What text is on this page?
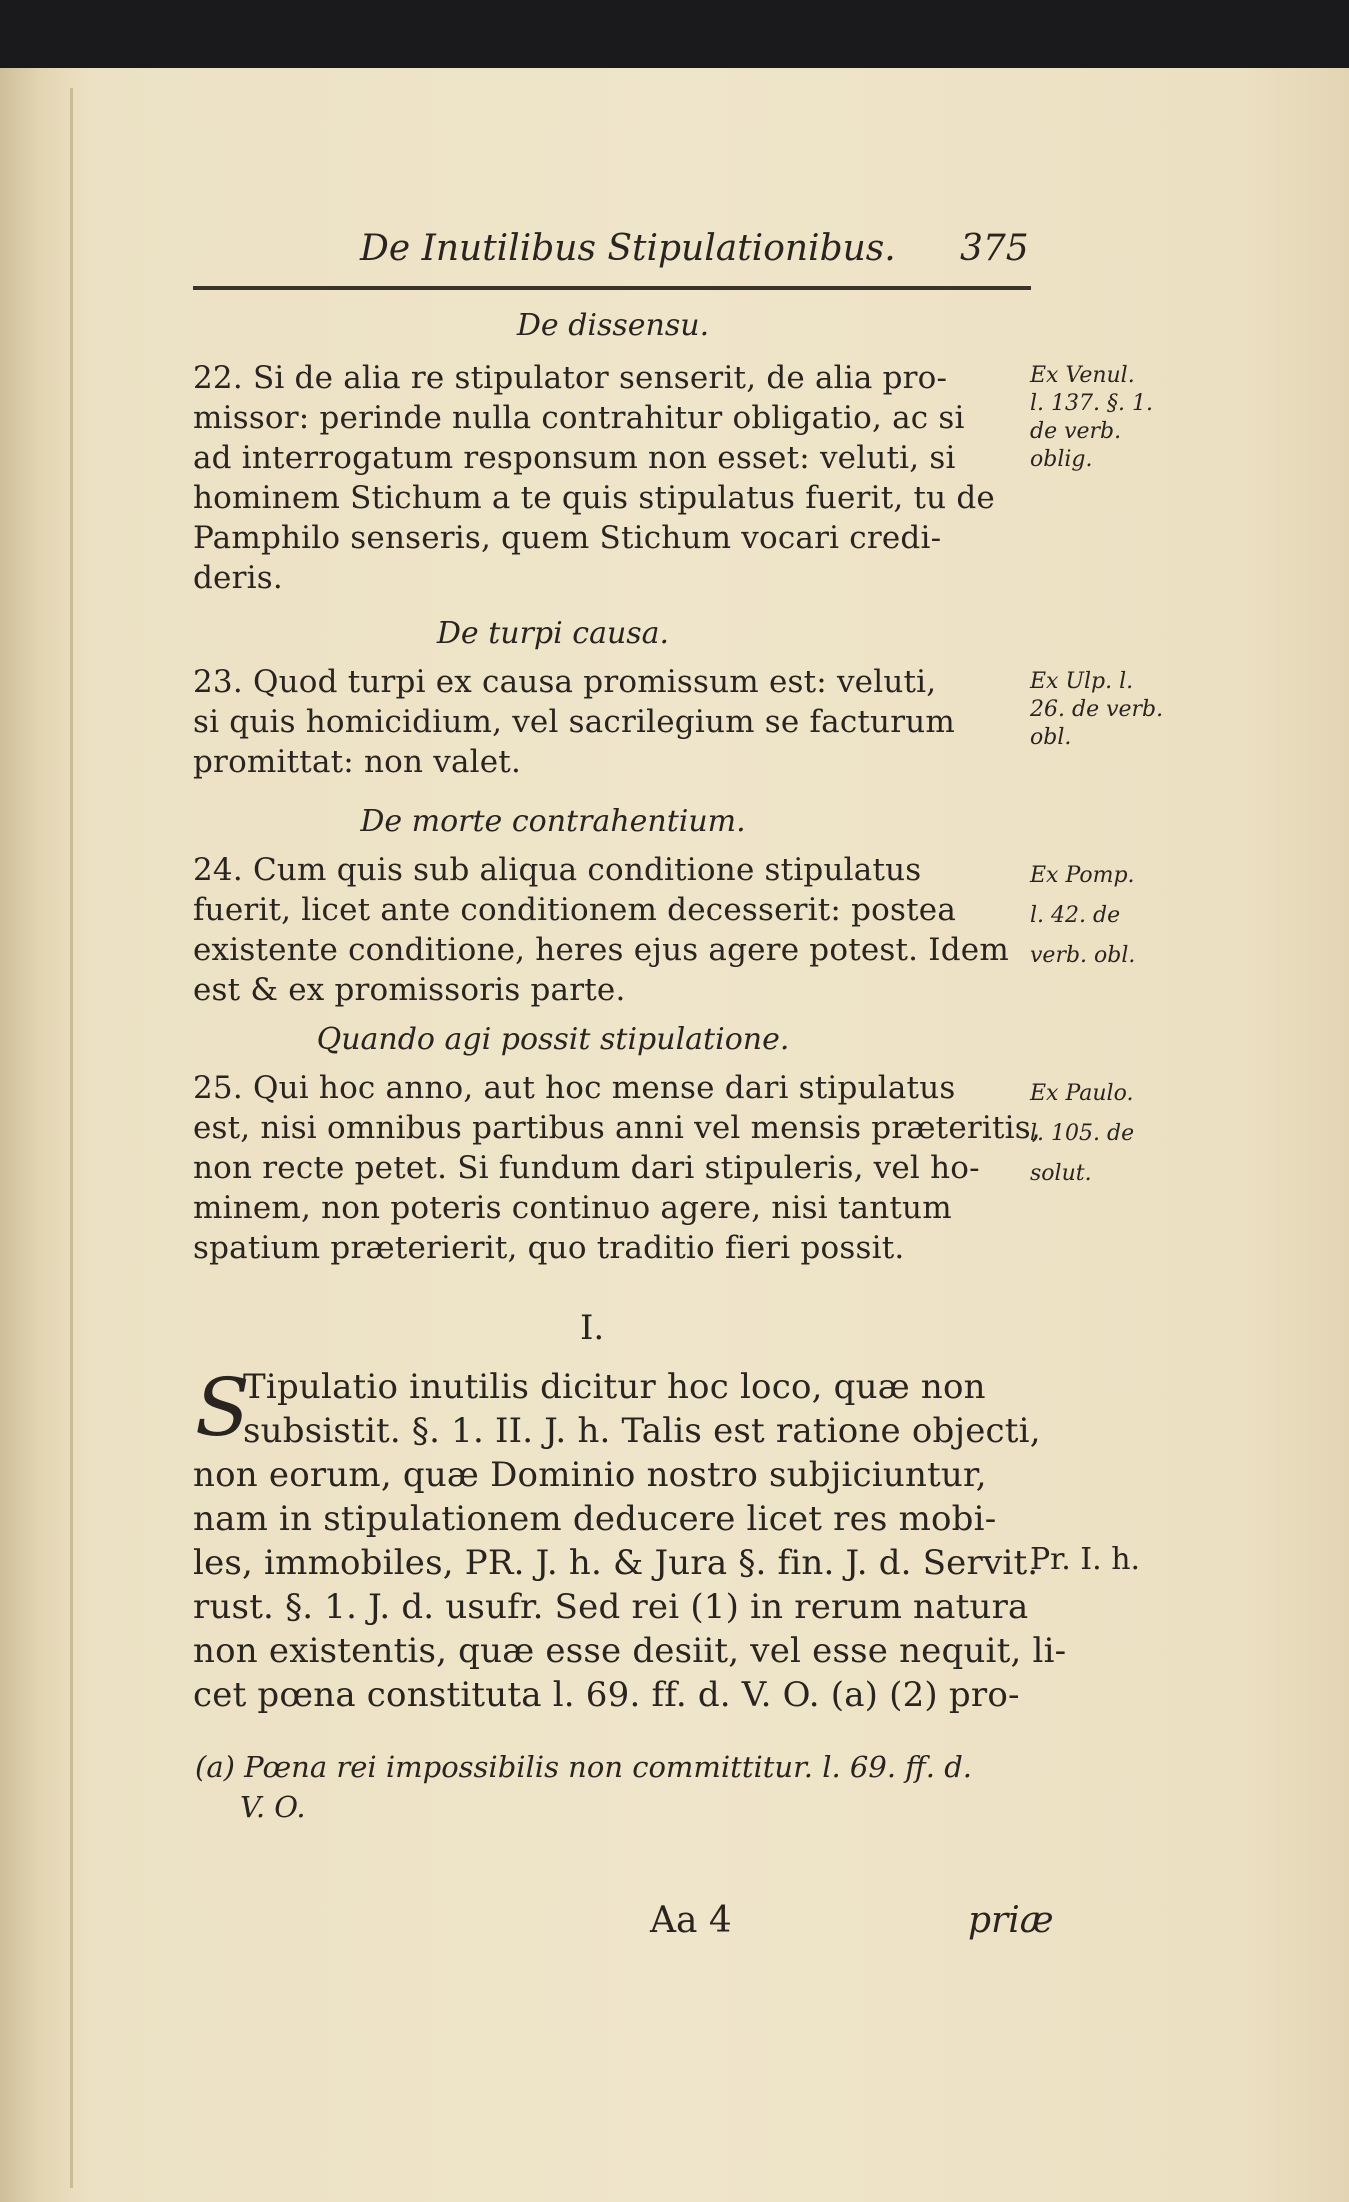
De Inutilibus Stipulationibus. 375
De dissensu.
22. Si de alia re stipulator senserit, de alia pro-
missor: perinde nulla contrahitur obligatio, ac si
ad interrogatum responsum non esset: veluti, si
hominem Stichum a te quis stipulatus fuerit, tu de
Pamphilo senseris, quem Stichum vocari credi-
deris.
Ex Venul.
l. 137. §. 1.
de verb.
oblig.
De turpi causa.
23. Quod turpi ex causa promissum est: veluti,
si quis homicidium, vel sacrilegium se facturum
promittat: non valet.
Ex Ulp. l.
26. de verb.
obl.
De morte contrahentium.
24. Cum quis sub aliqua conditione stipulatus
fuerit, licet ante conditionem decesserit: postea
existente conditione, heres ejus agere potest. Idem
est & ex promissoris parte.
Ex Pomp.
l. 42. de
verb. obl.
Quando agi possit stipulatione.
25. Qui hoc anno, aut hoc mense dari stipulatus
est, nisi omnibus partibus anni vel mensis præteritis,
non recte petet. Si fundum dari stipuleris, vel ho-
minem, non poteris continuo agere, nisi tantum
spatium præterierit, quo traditio fieri possit.
Ex Paulo.
l. 105. de
solut.
I.
S
Tipulatio inutilis dicitur hoc loco, quæ non
subsistit. §. 1. II. J. h. Talis est ratione objecti,
non eorum, quæ Dominio nostro subjiciuntur,
nam in stipulationem deducere licet res mobi-
les, immobiles, PR. J. h. & Jura §. fin. J. d. Servit.
rust. §. 1. J. d. usufr. Sed rei (1) in rerum natura
non existentis, quæ esse desiit, vel esse nequit, li-
cet pœna constituta l. 69. ff. d. V. O. (a) (2) pro-
Pr. I. h.
(a) Pœna rei impossibilis non committitur. l. 69. ff. d.
V. O.
Aa 4	priæ
